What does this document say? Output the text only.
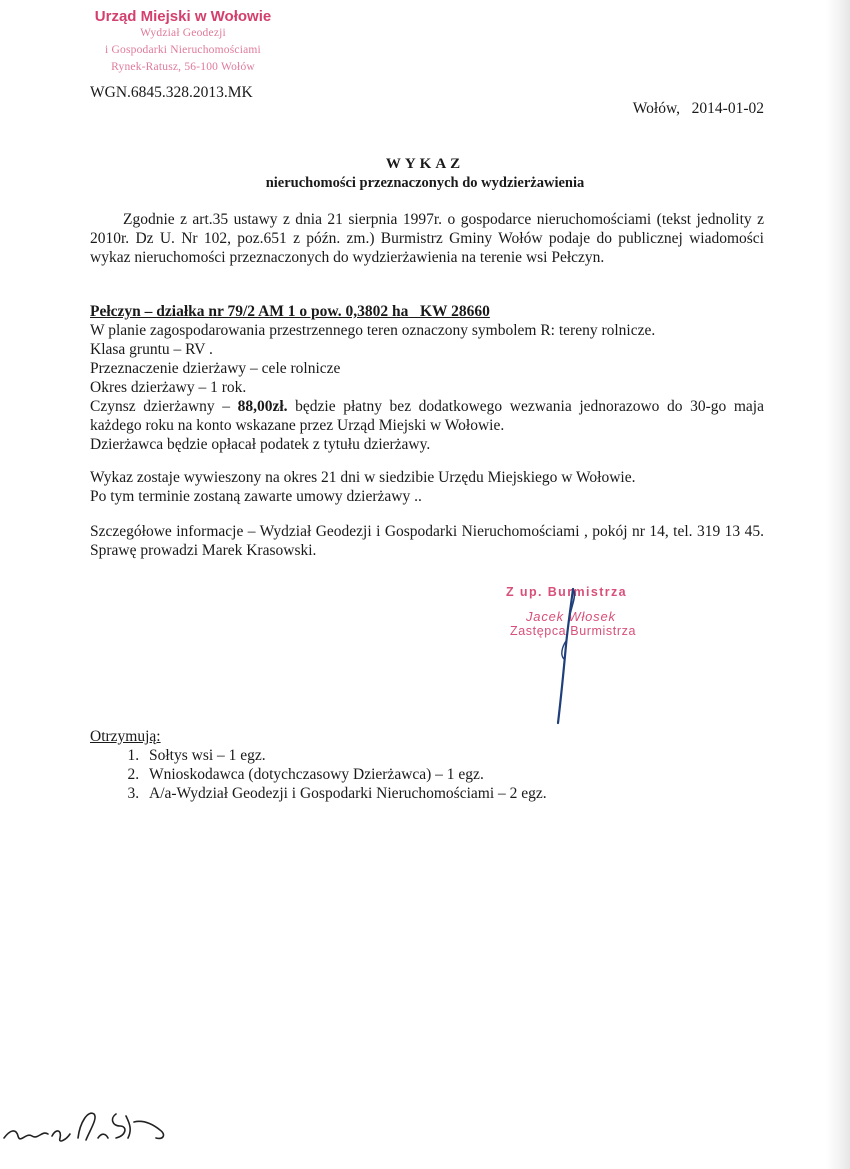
Urząd Miejski w Wołowie
Wydział Geodezji
i Gospodarki Nieruchomościami
Rynek-Ratusz, 56-100 Wołów
WGN.6845.328.2013.MK
Wołów,   2014-01-02
WYKAZ
nieruchomości przeznaczonych do wydzierżawienia
Zgodnie z art.35 ustawy z dnia 21 sierpnia 1997r. o gospodarce nieruchomościami (tekst jednolity z 2010r. Dz U. Nr 102, poz.651 z późn. zm.) Burmistrz Gminy Wołów podaje do publicznej wiadomości wykaz nieruchomości przeznaczonych do wydzierżawienia na terenie wsi Pełczyn.
Pełczyn – działka nr 79/2 AM 1 o pow. 0,3802 ha   KW 28660
W planie zagospodarowania przestrzennego teren oznaczony symbolem R: tereny rolnicze.
Klasa gruntu – RV .
Przeznaczenie dzierżawy – cele rolnicze
Okres dzierżawy – 1 rok.
Czynsz dzierżawny – 88,00zł. będzie płatny bez dodatkowego wezwania jednorazowo do 30-go maja każdego roku na konto wskazane przez Urząd Miejski w Wołowie.
Dzierżawca będzie opłacał podatek z tytułu dzierżawy.
Wykaz zostaje wywieszony na okres 21 dni w siedzibie Urzędu Miejskiego w Wołowie.
Po tym terminie zostaną zawarte umowy dzierżawy ..
Szczegółowe informacje – Wydział Geodezji i Gospodarki Nieruchomościami , pokój nr 14, tel. 319 13 45. Sprawę prowadzi Marek Krasowski.
Z up. Burmistrza
Jacek Włosek
Zastępca Burmistrza
Otrzymują:
1. Sołtys wsi – 1 egz.
2. Wnioskodawca (dotychczasowy Dzierżawca) – 1 egz.
3. A/a-Wydział Geodezji i Gospodarki Nieruchomościami – 2 egz.
